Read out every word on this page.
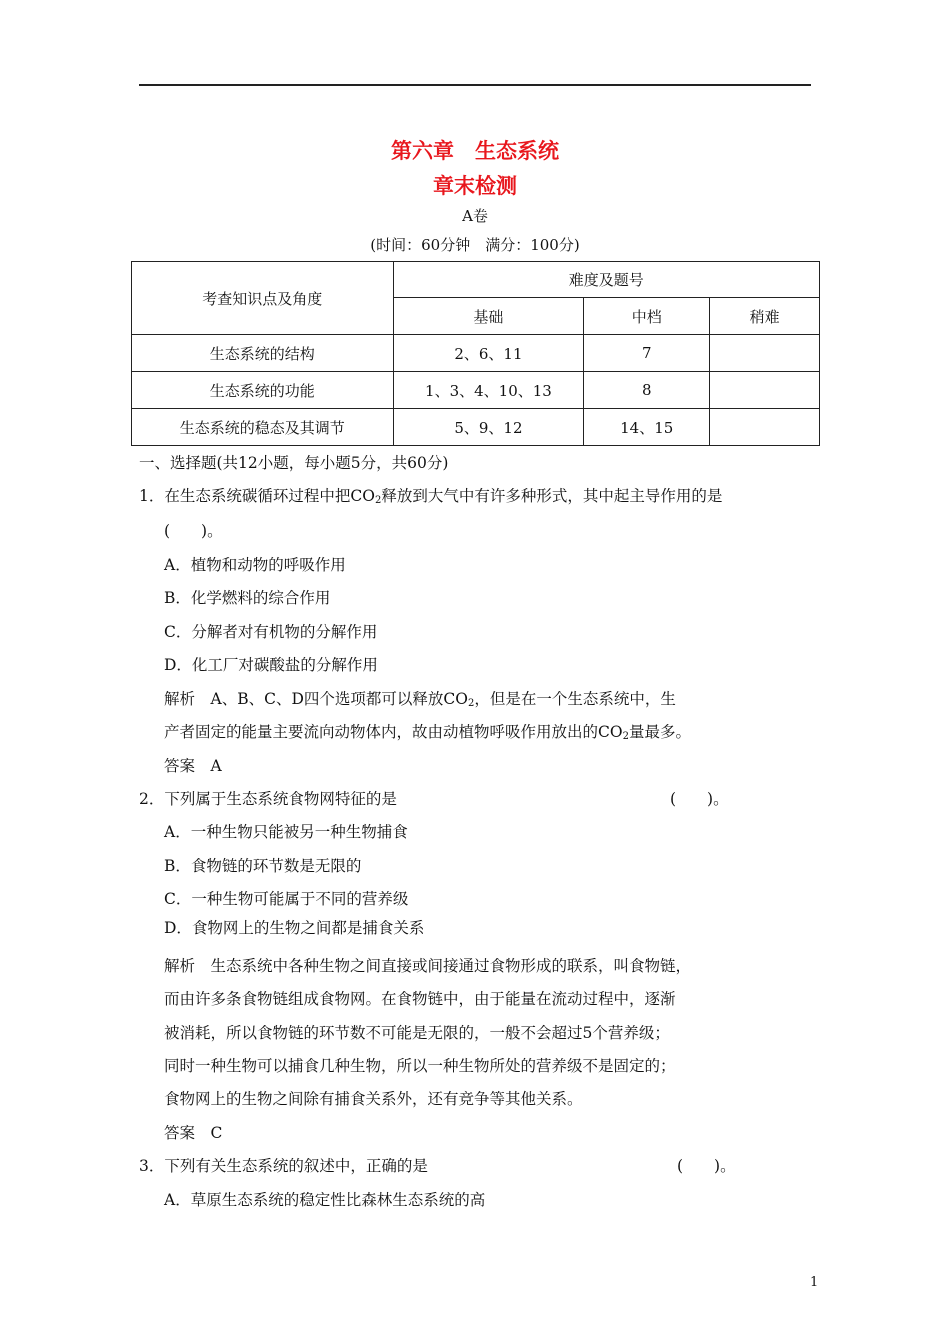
第六章　生态系统
章末检测
A卷
(时间：60分钟　满分：100分)
考查知识点及角度	难度及题号		
	基础	中档	稍难
生态系统的结构	2、6、11	7	
生态系统的功能	1、3、4、10、13	8	
生态系统的稳态及其调节	5、9、12	14、15	
一、选择题(共12小题，每小题5分，共60分)
1．在生态系统碳循环过程中把$CO_2$释放到大气中有许多种形式，其中起主导作用的是
(　　)。
A．植物和动物的呼吸作用
B．化学燃料的综合作用
C．分解者对有机物的分解作用
D．化工厂对碳酸盐的分解作用
解析　A、B、C、D四个选项都可以释放$CO_2$，但是在一个生态系统中，生
产者固定的能量主要流向动物体内，故由动植物呼吸作用放出的$CO_2$量最多。
答案　A
2．下列属于生态系统食物网特征的是	(　　)。
A．一种生物只能被另一种生物捕食
B．食物链的环节数是无限的
C．一种生物可能属于不同的营养级
D．食物网上的生物之间都是捕食关系
解析　生态系统中各种生物之间直接或间接通过食物形成的联系，叫食物链，
而由许多条食物链组成食物网。在食物链中，由于能量在流动过程中，逐渐
被消耗，所以食物链的环节数不可能是无限的，一般不会超过5个营养级；
同时一种生物可以捕食几种生物，所以一种生物所处的营养级不是固定的；
食物网上的生物之间除有捕食关系外，还有竞争等其他关系。
答案　C
3．下列有关生态系统的叙述中，正确的是	(　　)。
A．草原生态系统的稳定性比森林生态系统的高
1
